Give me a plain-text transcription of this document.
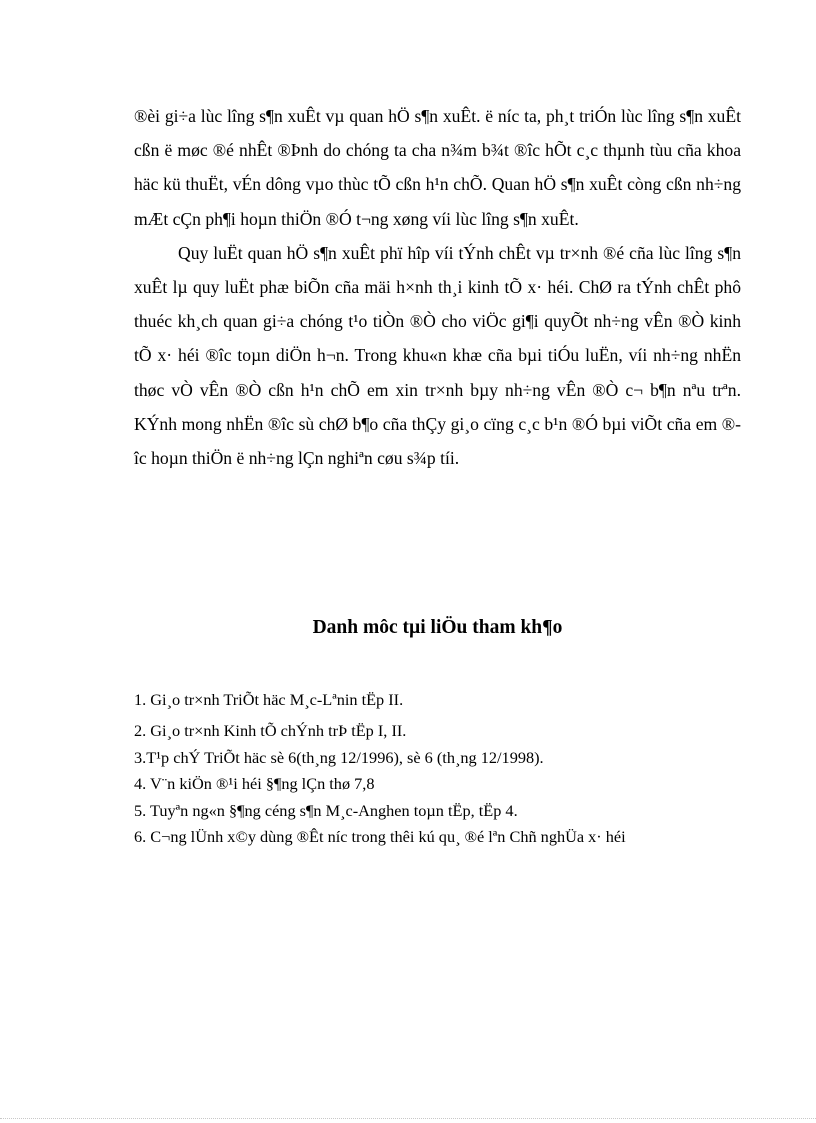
®èi gi÷a lùc lîng s¶n xuÊt vµ quan hÖ s¶n xuÊt. ë níc ta, ph¸t triÓn lùc lîng s¶n xuÊt cßn ë møc ®é nhÊt ®Þnh do chóng ta cha n¾m b¾t ®îc hÕt c¸c thµnh tùu cña khoa häc kü thuËt, vÉn dông vµo thùc tÕ cßn h¹n chÕ. Quan hÖ s¶n xuÊt còng cßn nh÷ng mÆt cÇn ph¶i hoµn thiÖn ®Ó t¬ng xøng víi lùc lîng s¶n xuÊt.

Quy luËt quan hÖ s¶n xuÊt phï hîp víi tÝnh chÊt vµ tr×nh ®é cña lùc lîng s¶n xuÊt lµ quy luËt phæ biÕn cña mäi h×nh th¸i kinh tÕ x· héi. ChØ ra tÝnh chÊt phô thuéc kh¸ch quan gi÷a chóng t¹o tiÒn ®Ò cho viÖc gi¶i quyÕt nh÷ng vÊn ®Ò kinh tÕ x· héi ®îc toµn diÖn h¬n. Trong khu«n khæ cña bµi tiÓu luËn, víi nh÷ng nhËn thøc vÒ vÊn ®Ò cßn h¹n chÕ em xin tr×nh bµy nh÷ng vÊn ®Ò c¬ b¶n nªu trªn. KÝnh mong nhËn ®îc sù chØ b¶o cña thÇy gi¸o cïng c¸c b¹n ®Ó bµi viÕt cña em ®îc hoµn thiÖn ë nh÷ng lÇn nghiªn cøu s¾p tíi.

Danh môc tµi liÖu tham kh¶o
1. Gi¸o tr×nh TriÕt häc M¸c-Lªnin tËp II.
2. Gi¸o tr×nh Kinh tÕ chÝnh trÞ tËp I, II.
3.T¹p chÝ TriÕt häc sè 6(th¸ng 12/1996), sè 6 (th¸ng 12/1998).
4. V¨n kiÖn ®¹i héi §¶ng lÇn thø 7,8
5. Tuyªn ng«n §¶ng céng s¶n M¸c-Anghen toµn tËp, tËp 4.
6. C¬ng lÜnh x©y dùng ®Êt níc trong thêi kú qu¸ ®é lªn Chñ nghÜa x· héi
